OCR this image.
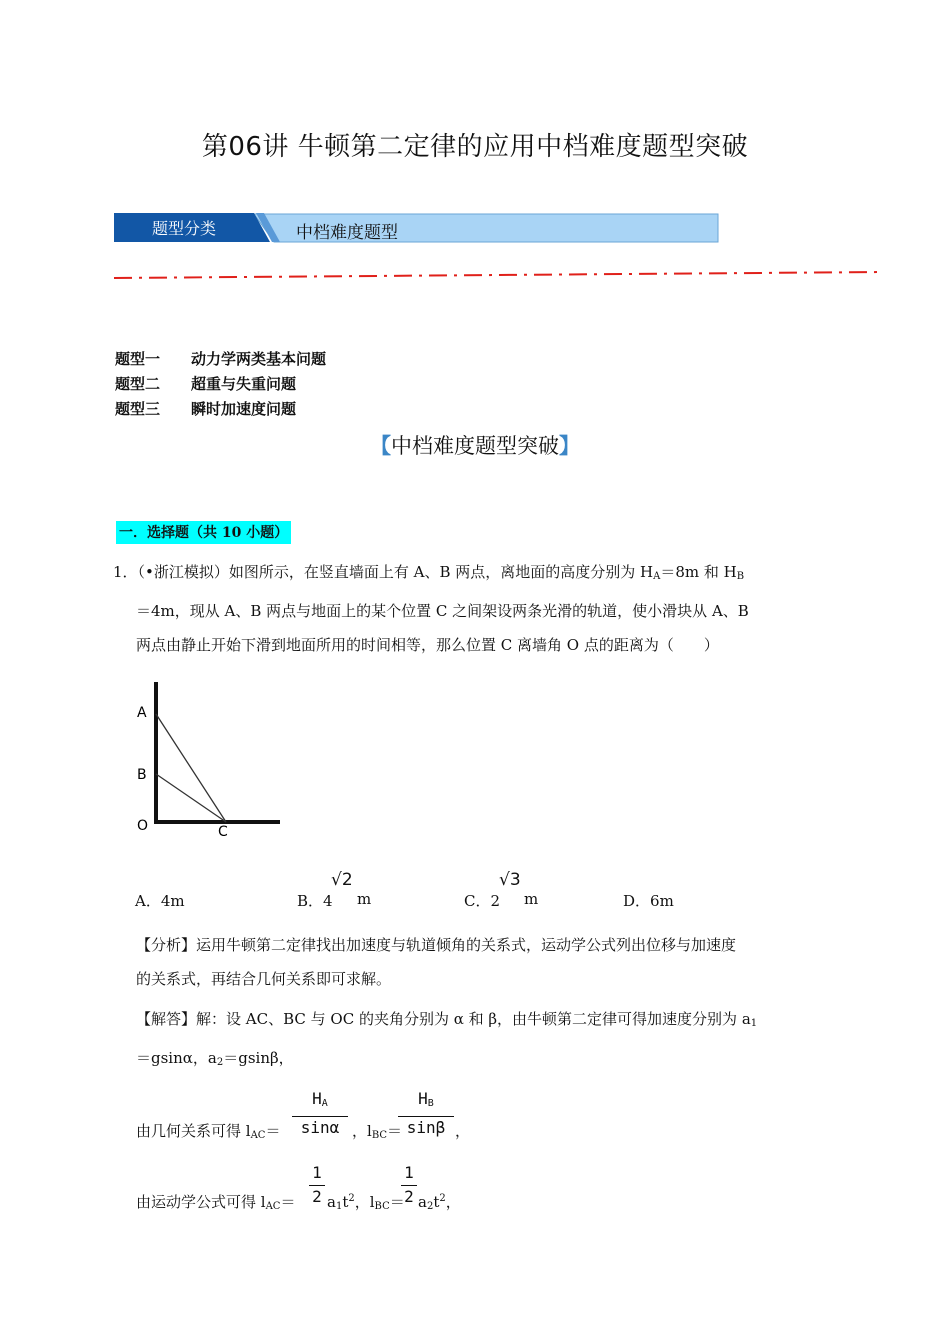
第06讲 牛顿第二定律的应用中档难度题型突破
题型分类	中档难度题型
题型一 动力学两类基本问题
题型二 超重与失重问题
题型三 瞬时加速度问题
【中档难度题型突破】
一．选择题（共 10 小题）
1．（•浙江模拟）如图所示，在竖直墙面上有 A、B 两点，离地面的高度分别为 $H_A=8m$ 和 $H_B$
＝4m，现从 A、B 两点与地面上的某个位置 C 之间架设两条光滑的轨道，使小滑块从 A、B
两点由静止开始下滑到地面所用的时间相等，那么位置 C 离墙角 O 点的距离为（　　）
A
B
O	C
A．4m	B．4
√2
m	C．2
√3
m	D．6m
【分析】运用牛顿第二定律找出加速度与轨道倾角的关系式，运动学公式列出位移与加速度
的关系式，再结合几何关系即可求解。
【解答】解：设 AC、BC 与 OC 的夹角分别为 α 和 β，由牛顿第二定律可得加速度分别为 $a_1$
＝gsinα，$a_2=gsin\beta$，
由几何关系可得 $l_{AC}=$
$H_A$
sinα ，$l_{BC}=$
$H_B$
sinβ ，
由运动学公式可得 $l_{AC}=$
1
2 $a_1t^2$，$l_{BC}=$
1
2 $a_2t^2$，
